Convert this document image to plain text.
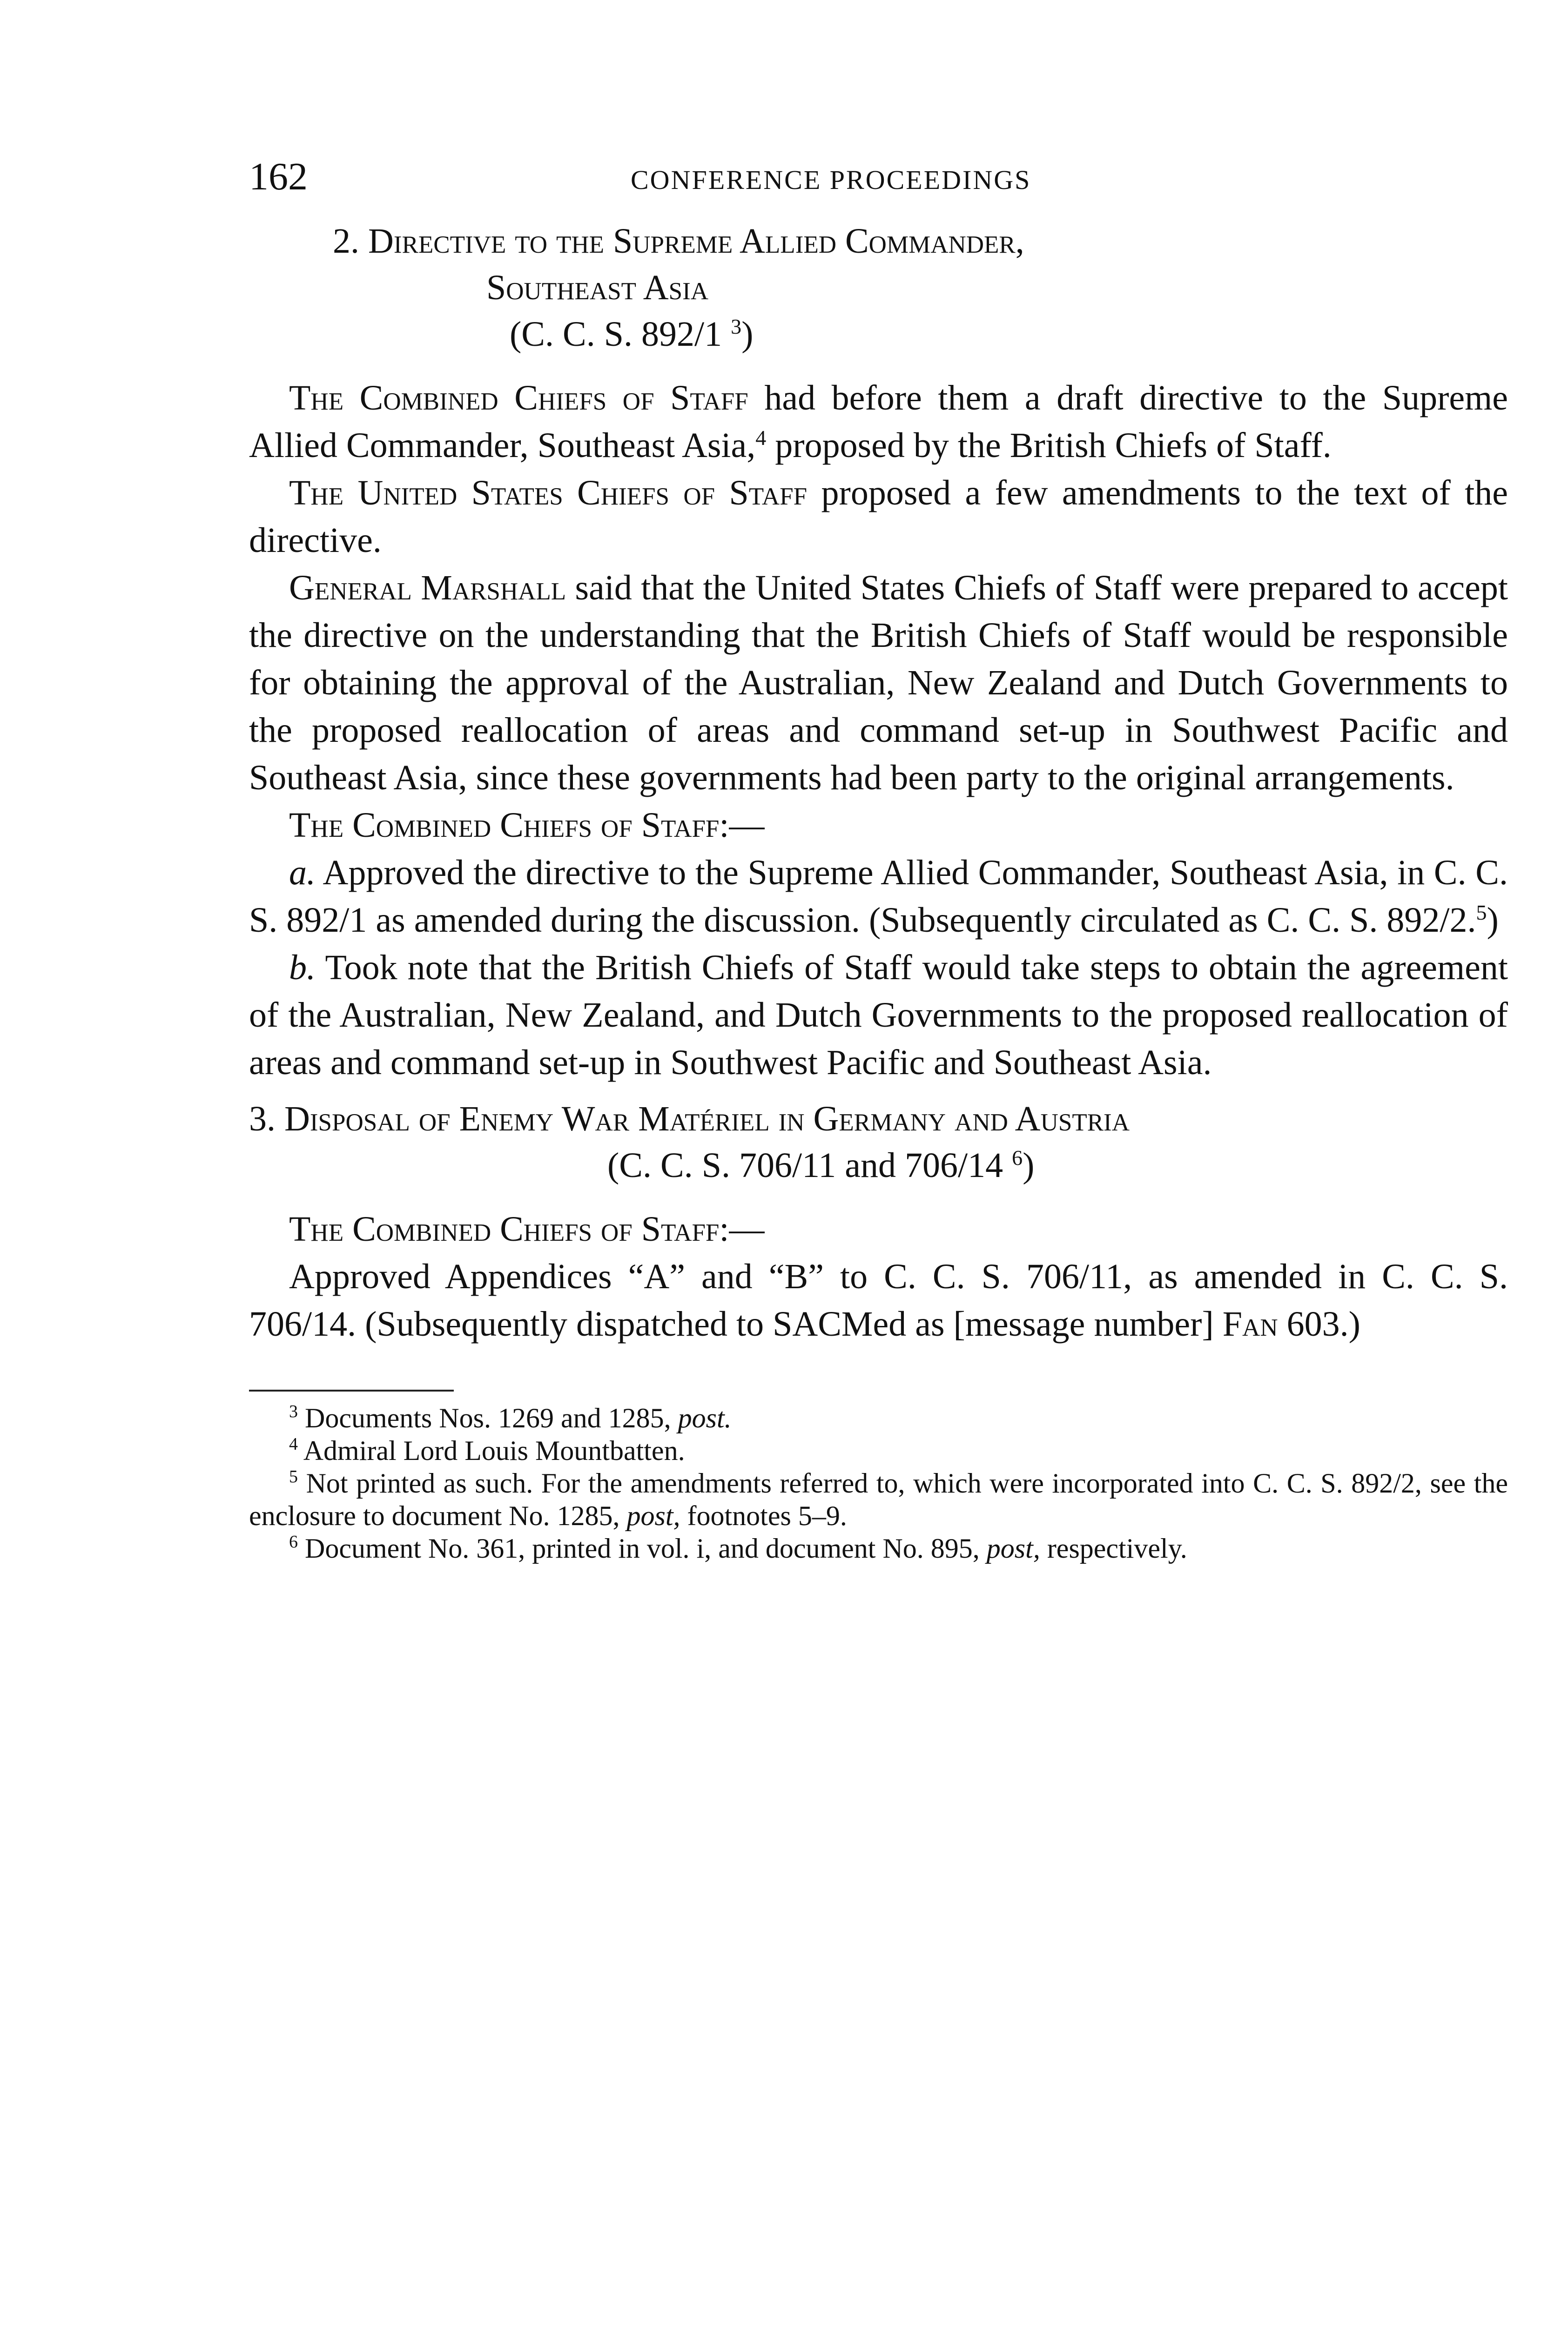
162	CONFERENCE PROCEEDINGS
2. Directive to the Supreme Allied Commander,
Southeast Asia
(C. C. S. 892/1 $^3$)

The Combined Chiefs of Staff had before them a draft directive to the Supreme Allied Commander, Southeast Asia,$^4$ proposed by the British Chiefs of Staff.

The United States Chiefs of Staff proposed a few amendments to the text of the directive.

General Marshall said that the United States Chiefs of Staff were prepared to accept the directive on the understanding that the British Chiefs of Staff would be responsible for obtaining the approval of the Australian, New Zealand and Dutch Governments to the proposed reallocation of areas and command set-up in Southwest Pacific and Southeast Asia, since these governments had been party to the original arrangements.

The Combined Chiefs of Staff:—

a. Approved the directive to the Supreme Allied Commander, Southeast Asia, in C. C. S. 892/1 as amended during the discussion. (Subsequently circulated as C. C. S. 892/2.$^5$)

b. Took note that the British Chiefs of Staff would take steps to obtain the agreement of the Australian, New Zealand, and Dutch Governments to the proposed reallocation of areas and command set-up in Southwest Pacific and Southeast Asia.

3. Disposal of Enemy War Matériel in Germany and Austria
(C. C. S. 706/11 and 706/14 $^6$)

The Combined Chiefs of Staff:—

Approved Appendices “A” and “B” to C. C. S. 706/11, as amended in C. C. S. 706/14. (Subsequently dispatched to SACMed as [message number] Fan 603.)

$^3$ Documents Nos. 1269 and 1285, post.

$^4$ Admiral Lord Louis Mountbatten.

$^5$ Not printed as such. For the amendments referred to, which were incorporated into C. C. S. 892/2, see the enclosure to document No. 1285, post, footnotes 5–9.

$^6$ Document No. 361, printed in vol. i, and document No. 895, post, respectively.
